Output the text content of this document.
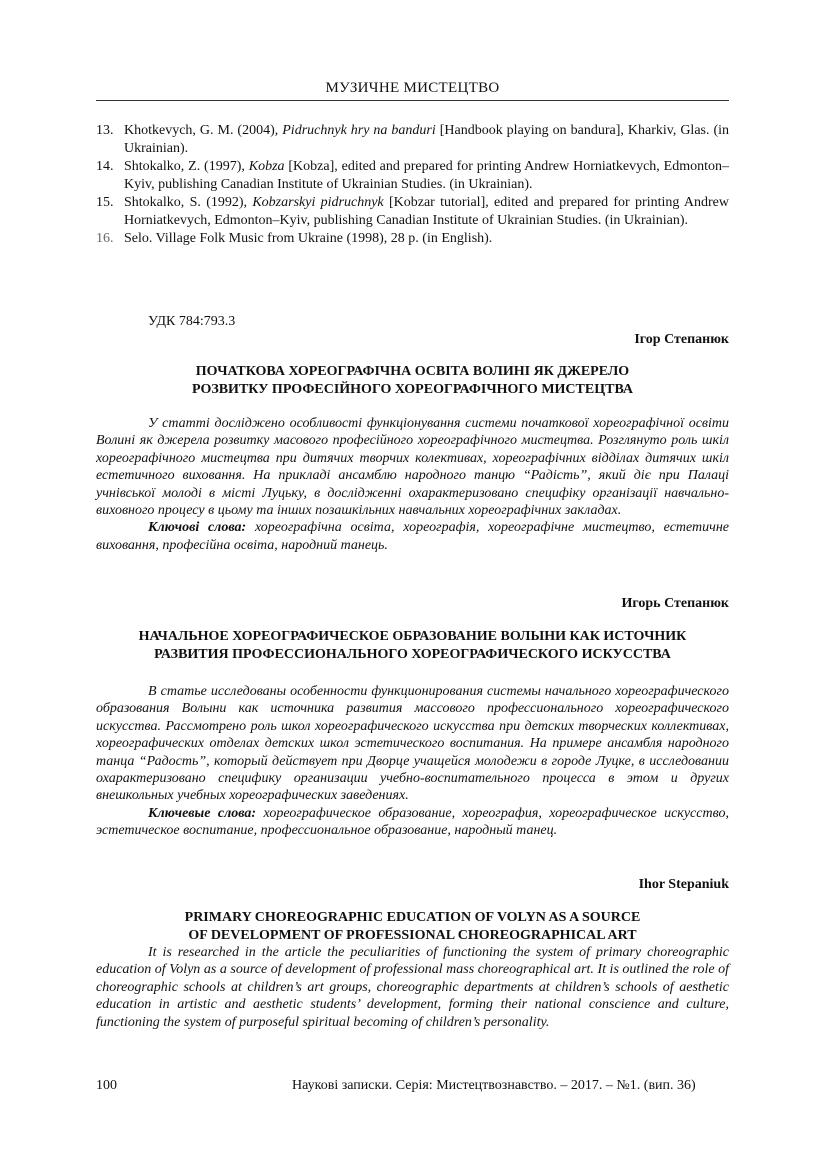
МУЗИЧНЕ МИСТЕЦТВО
13. Khotkevych, G. M. (2004), Pidruchnyk hry na banduri [Handbook playing on bandura], Kharkiv, Glas. (in Ukrainian).
14. Shtokalko, Z. (1997), Kobza [Kobza], edited and prepared for printing Andrew Horniatkevych, Edmonton–Kyiv, publishing Canadian Institute of Ukrainian Studies. (in Ukrainian).
15. Shtokalko, S. (1992), Kobzarskyi pidruchnyk [Kobzar tutorial], edited and prepared for printing Andrew Horniatkevych, Edmonton–Kyiv, publishing Canadian Institute of Ukrainian Studies. (in Ukrainian).
16. Selo. Village Folk Music from Ukraine (1998), 28 p. (in English).
УДК 784:793.3
Ігор Степанюк
ПОЧАТКОВА ХОРЕОГРАФІЧНА ОСВІТА ВОЛИНІ ЯК ДЖЕРЕЛО
РОЗВИТКУ ПРОФЕСІЙНОГО ХОРЕОГРАФІЧНОГО МИСТЕЦТВА

У статті досліджено особливості функціонування системи початкової хореографічної освіти Волині як джерела розвитку масового професійного хореографічного мистецтва. Розглянуто роль шкіл хореографічного мистецтва при дитячих творчих колективах, хореографічних відділах дитячих шкіл естетичного виховання. На прикладі ансамблю народного танцю “Радість”, який діє при Палаці учнівської молоді в місті Луцьку, в дослідженні охарактеризовано специфіку організації навчально-виховного процесу в цьому та інших позашкільних навчальних хореографічних закладах.

Ключові слова: хореографічна освіта, хореографія, хореографічне мистецтво, естетичне виховання, професійна освіта, народний танець.

Игорь Степанюк
НАЧАЛЬНОЕ ХОРЕОГРАФИЧЕСКОЕ ОБРАЗОВАНИЕ ВОЛЫНИ КАК ИСТОЧНИК
РАЗВИТИЯ ПРОФЕССИОНАЛЬНОГО ХОРЕОГРАФИЧЕСКОГО ИСКУССТВА

В статье исследованы особенности функционирования системы начального хореографического образования Волыни как источника развития массового профессионального хореографического искусства. Рассмотрено роль школ хореографического искусства при детских творческих коллективах, хореографических отделах детских школ эстетического воспитания. На примере ансамбля народного танца “Радость”, который действует при Дворце учащейся молодежи в городе Луцке, в исследовании охарактеризовано специфику организации учебно-воспитательного процесса в этом и других внешкольных учебных хореографических заведениях.

Ключевые слова: хореографическое образование, хореография, хореографическое искусство, эстетическое воспитание, профессиональное образование, народный танец.

Ihor Stepaniuk
PRIMARY CHOREOGRAPHIC EDUCATION OF VOLYN AS A SOURCE
OF DEVELOPMENT OF PROFESSIONAL CHOREOGRAPHICAL ART

It is researched in the article the peculiarities of functioning the system of primary choreographic education of Volyn as a source of development of professional mass choreographical art. It is outlined the role of choreographic schools at children’s art groups, choreographic departments at children’s schools of aesthetic education in artistic and aesthetic students’ development, forming their national conscience and culture, functioning the system of purposeful spiritual becoming of children’s personality.

100	Наукові записки. Серія: Мистецтвознавство. – 2017. – №1. (вип. 36)
